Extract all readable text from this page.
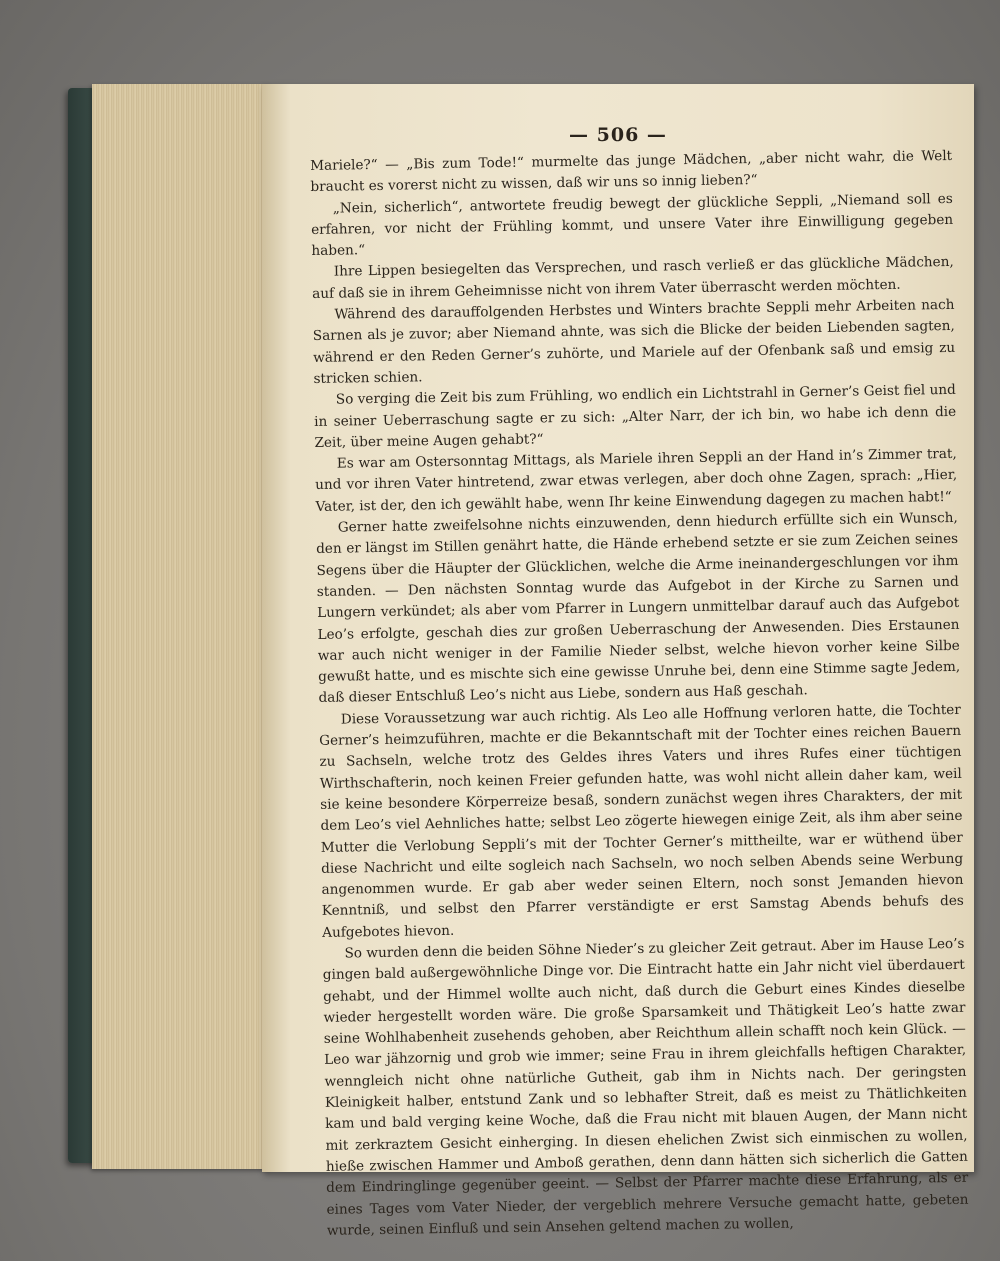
— 506 —

Mariele?“ — „Bis zum Tode!“ murmelte das junge Mädchen, „aber nicht wahr, die Welt braucht es vorerst nicht zu wissen, daß wir uns so innig lieben?“

„Nein, sicherlich“, antwortete freudig bewegt der glückliche Seppli, „Niemand soll es erfahren, vor nicht der Frühling kommt, und unsere Vater ihre Einwilligung gegeben haben.“

Ihre Lippen besiegelten das Versprechen, und rasch verließ er das glückliche Mädchen, auf daß sie in ihrem Geheimnisse nicht von ihrem Vater überrascht werden möchten.

Während des darauffolgenden Herbstes und Winters brachte Seppli mehr Arbeiten nach Sarnen als je zuvor; aber Niemand ahnte, was sich die Blicke der beiden Liebenden sagten, während er den Reden Gerner’s zuhörte, und Mariele auf der Ofenbank saß und emsig zu stricken schien.

So verging die Zeit bis zum Frühling, wo endlich ein Lichtstrahl in Gerner’s Geist fiel und in seiner Ueberraschung sagte er zu sich: „Alter Narr, der ich bin, wo habe ich denn die Zeit, über meine Augen gehabt?“

Es war am Ostersonntag Mittags, als Mariele ihren Seppli an der Hand in’s Zimmer trat, und vor ihren Vater hintretend, zwar etwas verlegen, aber doch ohne Zagen, sprach: „Hier, Vater, ist der, den ich gewählt habe, wenn Ihr keine Einwendung dagegen zu machen habt!“

Gerner hatte zweifelsohne nichts einzuwenden, denn hiedurch erfüllte sich ein Wunsch, den er längst im Stillen genährt hatte, die Hände erhebend setzte er sie zum Zeichen seines Segens über die Häupter der Glücklichen, welche die Arme ineinandergeschlungen vor ihm standen. — Den nächsten Sonntag wurde das Aufgebot in der Kirche zu Sarnen und Lungern verkündet; als aber vom Pfarrer in Lungern unmittelbar darauf auch das Aufgebot Leo’s erfolgte, geschah dies zur großen Ueberraschung der Anwesenden. Dies Erstaunen war auch nicht weniger in der Familie Nieder selbst, welche hievon vorher keine Silbe gewußt hatte, und es mischte sich eine gewisse Unruhe bei, denn eine Stimme sagte Jedem, daß dieser Entschluß Leo’s nicht aus Liebe, sondern aus Haß geschah.

Diese Voraussetzung war auch richtig. Als Leo alle Hoffnung verloren hatte, die Tochter Gerner’s heimzuführen, machte er die Bekanntschaft mit der Tochter eines reichen Bauern zu Sachseln, welche trotz des Geldes ihres Vaters und ihres Rufes einer tüchtigen Wirthschafterin, noch keinen Freier gefunden hatte, was wohl nicht allein daher kam, weil sie keine besondere Körperreize besaß, sondern zunächst wegen ihres Charakters, der mit dem Leo’s viel Aehnliches hatte; selbst Leo zögerte hiewegen einige Zeit, als ihm aber seine Mutter die Verlobung Seppli’s mit der Tochter Gerner’s mittheilte, war er wüthend über diese Nachricht und eilte sogleich nach Sachseln, wo noch selben Abends seine Werbung angenommen wurde. Er gab aber weder seinen Eltern, noch sonst Jemanden hievon Kenntniß, und selbst den Pfarrer verständigte er erst Samstag Abends behufs des Aufgebotes hievon.

So wurden denn die beiden Söhne Nieder’s zu gleicher Zeit getraut. Aber im Hause Leo’s gingen bald außergewöhnliche Dinge vor. Die Eintracht hatte ein Jahr nicht viel überdauert gehabt, und der Himmel wollte auch nicht, daß durch die Geburt eines Kindes dieselbe wieder hergestellt worden wäre. Die große Sparsamkeit und Thätigkeit Leo’s hatte zwar seine Wohlhabenheit zusehends gehoben, aber Reichthum allein schafft noch kein Glück. — Leo war jähzornig und grob wie immer; seine Frau in ihrem gleichfalls heftigen Charakter, wenngleich nicht ohne natürliche Gutheit, gab ihm in Nichts nach. Der geringsten Kleinigkeit halber, entstund Zank und so lebhafter Streit, daß es meist zu Thätlichkeiten kam und bald verging keine Woche, daß die Frau nicht mit blauen Augen, der Mann nicht mit zerkraztem Gesicht einherging. In diesen ehelichen Zwist sich einmischen zu wollen, hieße zwischen Hammer und Amboß gerathen, denn dann hätten sich sicherlich die Gatten dem Eindringlinge gegenüber geeint. — Selbst der Pfarrer machte diese Erfahrung, als er eines Tages vom Vater Nieder, der vergeblich mehrere Versuche gemacht hatte, gebeten wurde, seinen Einfluß und sein Ansehen geltend machen zu wollen,
